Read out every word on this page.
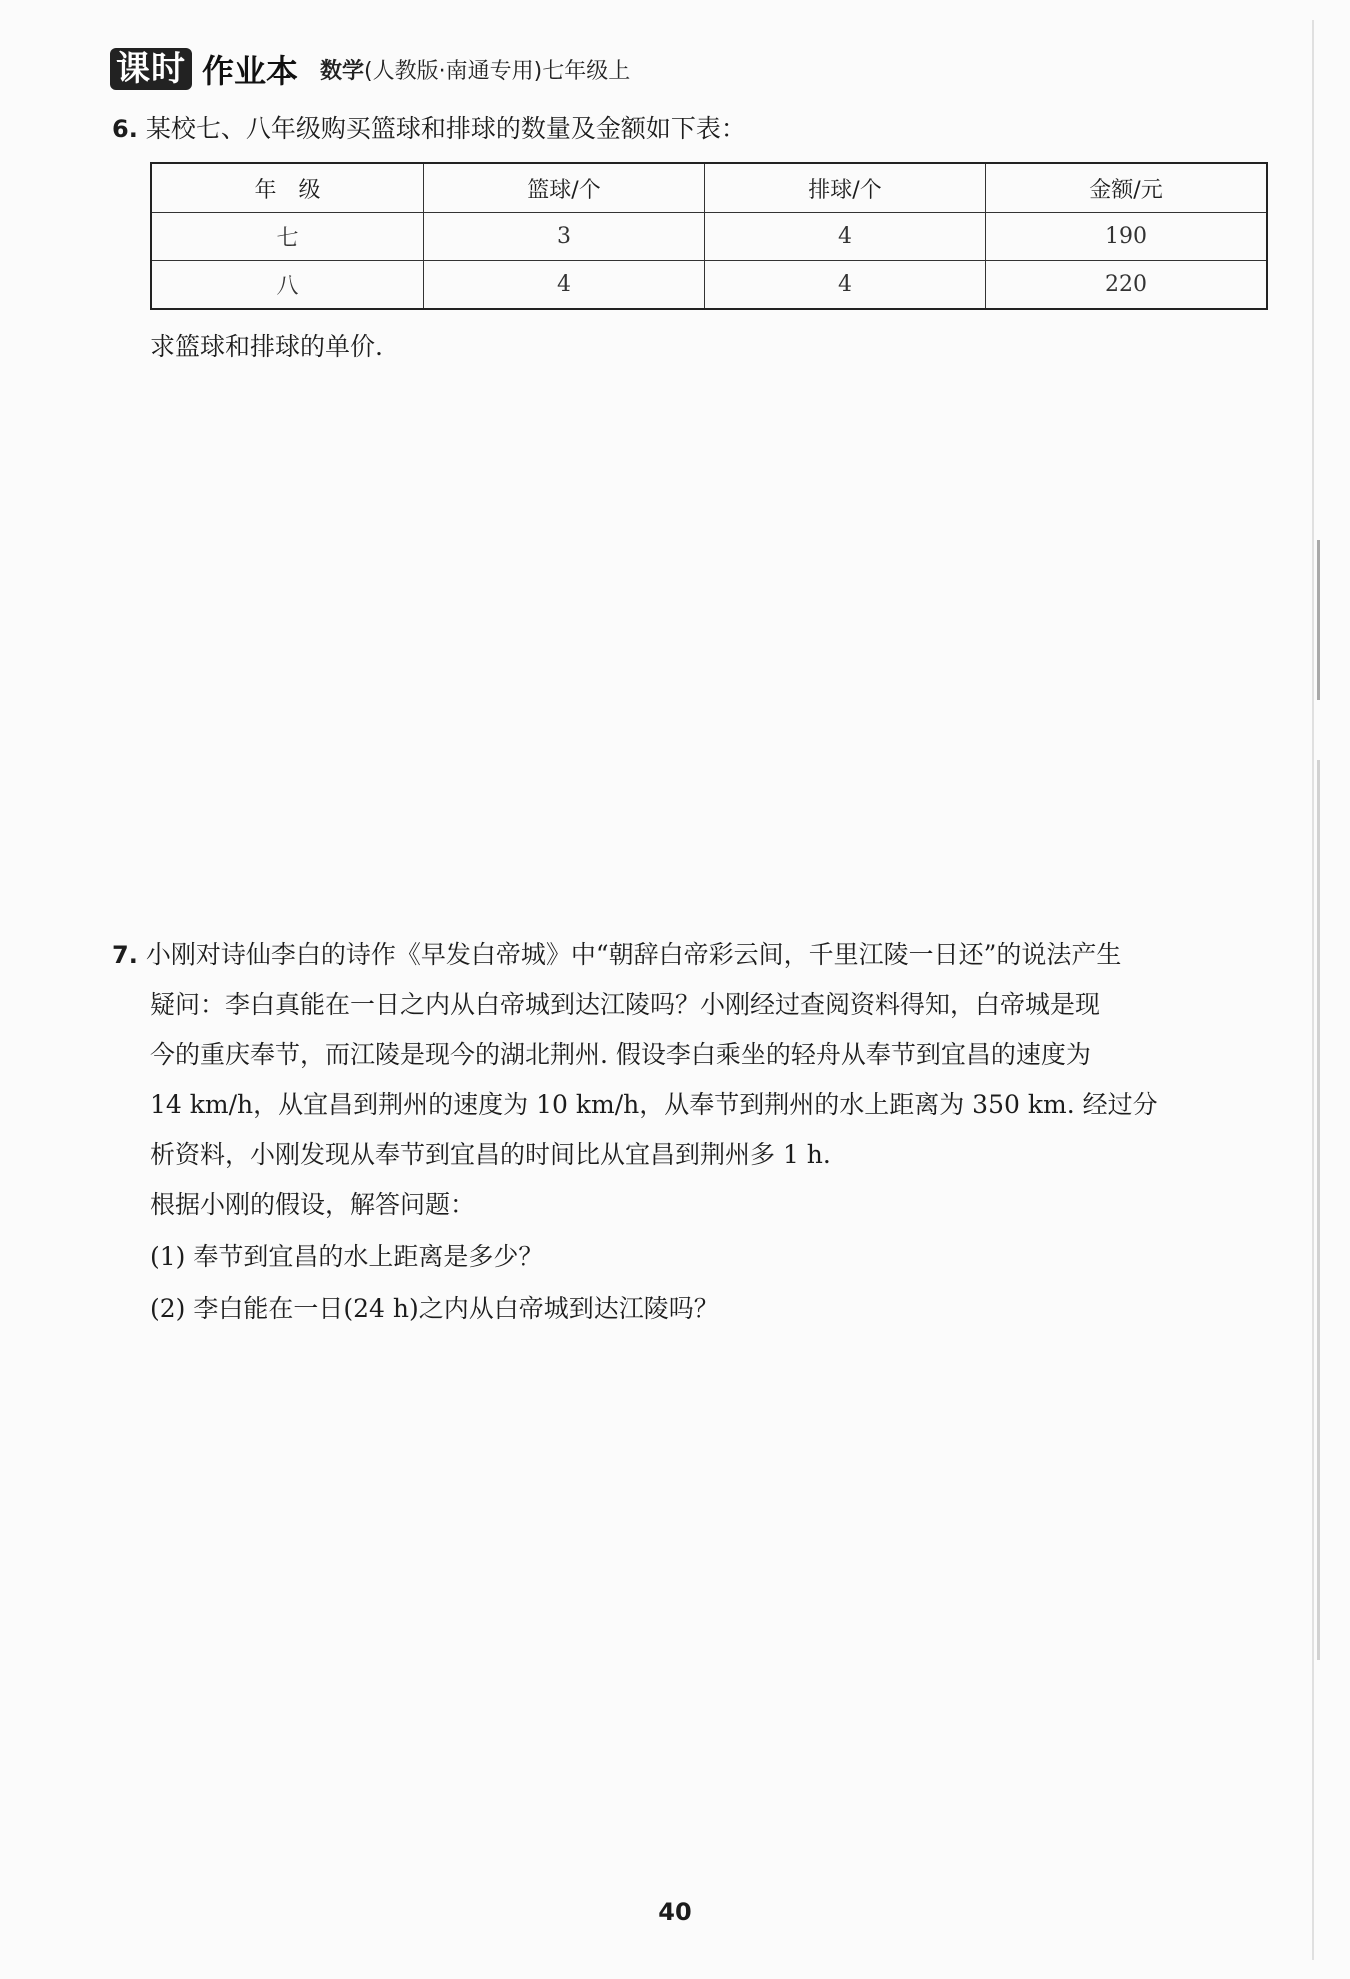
课时 作业本 数学(人教版·南通专用)七年级上
6. 某校七、八年级购买篮球和排球的数量及金额如下表：
年　级	篮球/个	排球/个	金额/元
七	3	4	190
八	4	4	220
求篮球和排球的单价.
7. 小刚对诗仙李白的诗作《早发白帝城》中“朝辞白帝彩云间，千里江陵一日还”的说法产生
疑问：李白真能在一日之内从白帝城到达江陵吗？小刚经过查阅资料得知，白帝城是现
今的重庆奉节，而江陵是现今的湖北荆州. 假设李白乘坐的轻舟从奉节到宜昌的速度为
14 km/h，从宜昌到荆州的速度为 10 km/h，从奉节到荆州的水上距离为 350 km. 经过分
析资料，小刚发现从奉节到宜昌的时间比从宜昌到荆州多 1 h.
根据小刚的假设，解答问题：
(1) 奉节到宜昌的水上距离是多少？
(2) 李白能在一日(24 h)之内从白帝城到达江陵吗？
40
